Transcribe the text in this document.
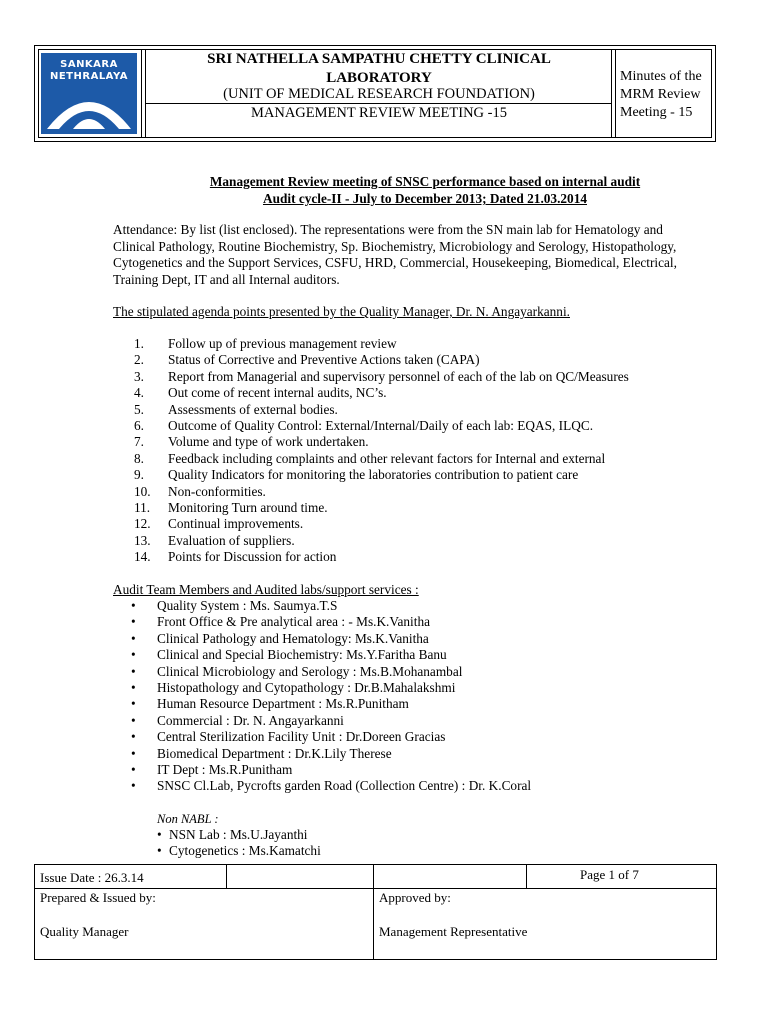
SANKARA
NETHRALAYA
SRI NATHELLA SAMPATHU CHETTY CLINICAL
LABORATORY
(UNIT OF MEDICAL RESEARCH FOUNDATION)
MANAGEMENT REVIEW MEETING -15
Minutes of the
MRM Review
Meeting - 15
Management Review meeting of SNSC performance based on internal audit
Audit cycle-II - July to December 2013; Dated 21.03.2014
Attendance: By list (list enclosed). The representations were from the SN main lab for Hematology and
Clinical Pathology, Routine Biochemistry, Sp. Biochemistry, Microbiology and Serology, Histopathology,
Cytogenetics and the Support Services, CSFU, HRD, Commercial, Housekeeping, Biomedical, Electrical,
Training Dept, IT and all Internal auditors.
The stipulated agenda points presented by the Quality Manager, Dr. N. Angayarkanni.
1.	Follow up of previous management review
2.	Status of Corrective and Preventive Actions taken (CAPA)
3.	Report from Managerial and supervisory personnel of each of the lab on QC/Measures
4.	Out come of recent internal audits, NC’s.
5.	Assessments of external bodies.
6.	Outcome of Quality Control: External/Internal/Daily of each lab: EQAS, ILQC.
7.	Volume and type of work undertaken.
8.	Feedback including complaints and other relevant factors for Internal and external
9.	Quality Indicators for monitoring the laboratories contribution to patient care
10.	Non-conformities.
11.	Monitoring Turn around time.
12.	Continual improvements.
13.	Evaluation of suppliers.
14.	Points for Discussion for action
Audit Team Members and Audited labs/support services :
•	Quality System : Ms. Saumya.T.S
•	Front Office & Pre analytical area : - Ms.K.Vanitha
•	Clinical Pathology and Hematology: Ms.K.Vanitha
•	Clinical and Special Biochemistry: Ms.Y.Faritha Banu
•	Clinical Microbiology and Serology : Ms.B.Mohanambal
•	Histopathology and Cytopathology : Dr.B.Mahalakshmi
•	Human Resource Department : Ms.R.Punitham
•	Commercial : Dr. N. Angayarkanni
•	Central Sterilization Facility Unit : Dr.Doreen Gracias
•	Biomedical Department : Dr.K.Lily Therese
•	IT Dept : Ms.R.Punitham
•	SNSC Cl.Lab, Pycrofts garden Road (Collection Centre) : Dr. K.Coral
Non NABL :
• NSN Lab : Ms.U.Jayanthi
• Cytogenetics : Ms.Kamatchi
Issue Date : 26.3.14	Page 1 of 7
Prepared & Issued by:
Quality Manager
Approved by:
Management Representative
